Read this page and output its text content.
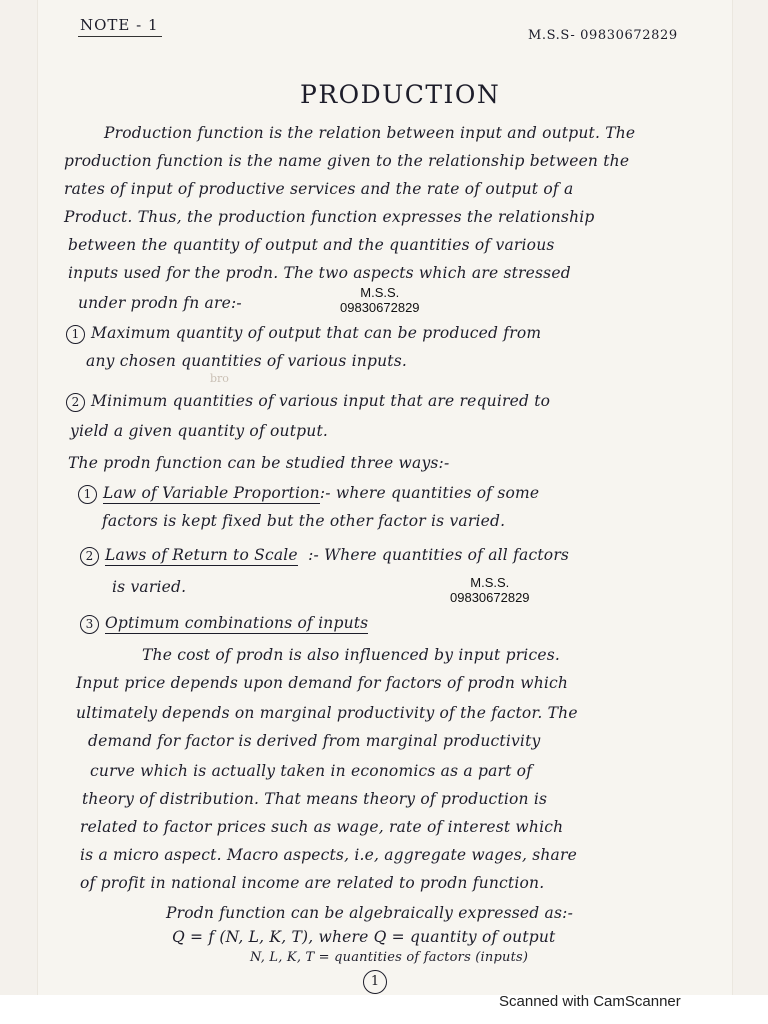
NOTE - 1
M.S.S- 09830672829
PRODUCTION
Production function is the relation between input and output. The
production function is the name given to the relationship between the
rates of input of productive services and the rate of output of a
Product. Thus, the production function expresses the relationship
between the quantity of output and the quantities of various
inputs used for the prodn. The two aspects which are stressed
under prodn fn are:-
M.S.S.
09830672829
1 Maximum quantity of output that can be produced from
any chosen quantities of various inputs.
bro
2 Minimum quantities of various input that are required to
yield a given quantity of output.
The prodn function can be studied three ways:-
1 Law of Variable Proportion:- where quantities of some
factors is kept fixed but the other factor is varied.
2 Laws of Return to Scale :- Where quantities of all factors
is varied.	M.S.S.
09830672829
3 Optimum combinations of inputs
The cost of prodn is also influenced by input prices.
Input price depends upon demand for factors of prodn which
ultimately depends on marginal productivity of the factor. The
demand for factor is derived from marginal productivity
curve which is actually taken in economics as a part of
theory of distribution. That means theory of production is
related to factor prices such as wage, rate of interest which
is a micro aspect. Macro aspects, i.e, aggregate wages, share
of profit in national income are related to prodn function.
Prodn function can be algebraically expressed as:-
Q = f (N, L, K, T), where Q = quantity of output
N, L, K, T = quantities of factors (inputs)
1
Scanned with CamScanner
